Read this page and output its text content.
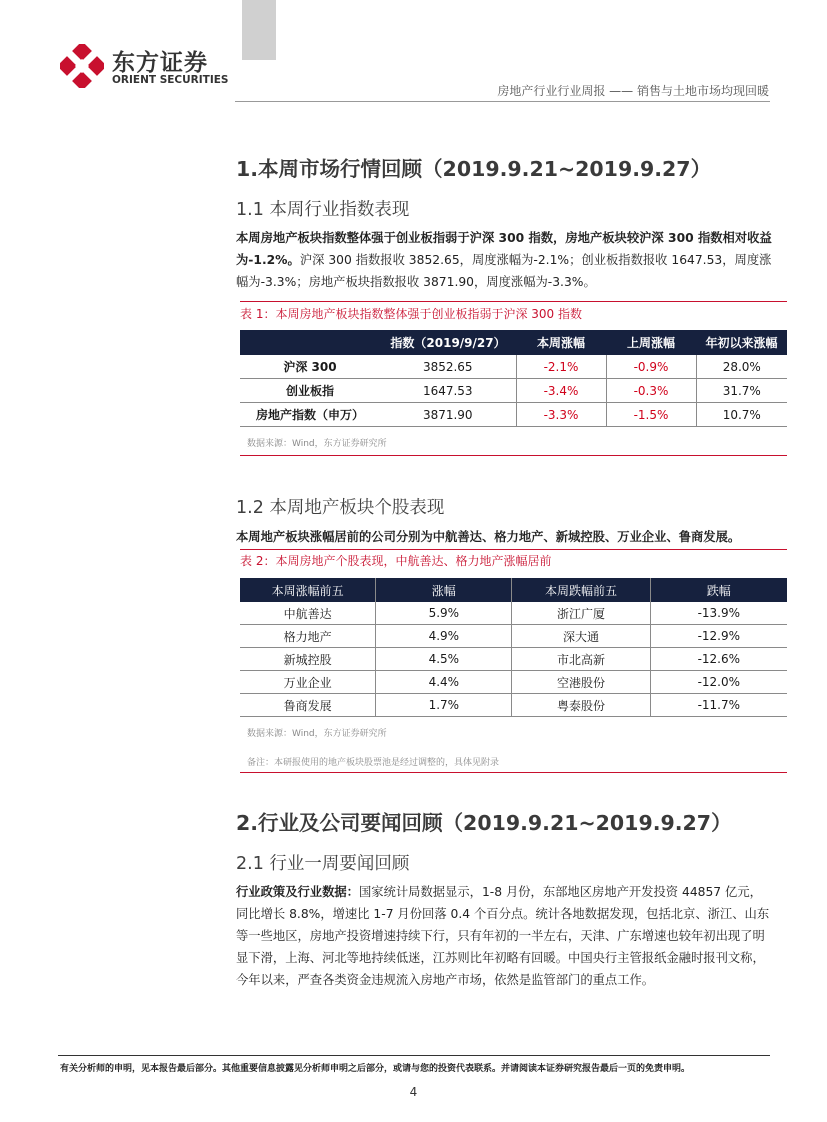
东方证券
ORIENT SECURITIES
房地产行业行业周报 —— 销售与土地市场均现回暖
1.本周市场行情回顾（2019.9.21~2019.9.27）
1.1 本周行业指数表现
本周房地产板块指数整体强于创业板指弱于沪深 300 指数，房地产板块较沪深 300 指数相对收益为-1.2%。沪深 300 指数报收 3852.65，周度涨幅为-2.1%；创业板指数报收 1647.53，周度涨幅为-3.3%；房地产板块指数报收 3871.90，周度涨幅为-3.3%。
表 1：本周房地产板块指数整体强于创业板指弱于沪深 300 指数
	指数（2019/9/27）	本周涨幅	上周涨幅	年初以来涨幅
沪深 300	3852.65	-2.1%	-0.9%	28.0%
创业板指	1647.53	-3.4%	-0.3%	31.7%
房地产指数（申万）	3871.90	-3.3%	-1.5%	10.7%
数据来源：Wind，东方证券研究所
1.2 本周地产板块个股表现
本周地产板块涨幅居前的公司分别为中航善达、格力地产、新城控股、万业企业、鲁商发展。
表 2：本周房地产个股表现，中航善达、格力地产涨幅居前
本周涨幅前五	涨幅	本周跌幅前五	跌幅
中航善达	5.9%	浙江广厦	-13.9%
格力地产	4.9%	深大通	-12.9%
新城控股	4.5%	市北高新	-12.6%
万业企业	4.4%	空港股份	-12.0%
鲁商发展	1.7%	粤泰股份	-11.7%
数据来源：Wind，东方证券研究所
备注：本研报使用的地产板块股票池是经过调整的，具体见附录
2.行业及公司要闻回顾（2019.9.21~2019.9.27）
2.1 行业一周要闻回顾
行业政策及行业数据：国家统计局数据显示，1-8 月份，东部地区房地产开发投资 44857 亿元，同比增长 8.8%，增速比 1-7 月份回落 0.4 个百分点。统计各地数据发现，包括北京、浙江、山东等一些地区，房地产投资增速持续下行，只有年初的一半左右，天津、广东增速也较年初出现了明显下滑，上海、河北等地持续低迷，江苏则比年初略有回暖。中国央行主管报纸金融时报刊文称，今年以来，严查各类资金违规流入房地产市场，依然是监管部门的重点工作。
有关分析师的申明，见本报告最后部分。其他重要信息披露见分析师申明之后部分，或请与您的投资代表联系。并请阅读本证券研究报告最后一页的免责申明。
4
